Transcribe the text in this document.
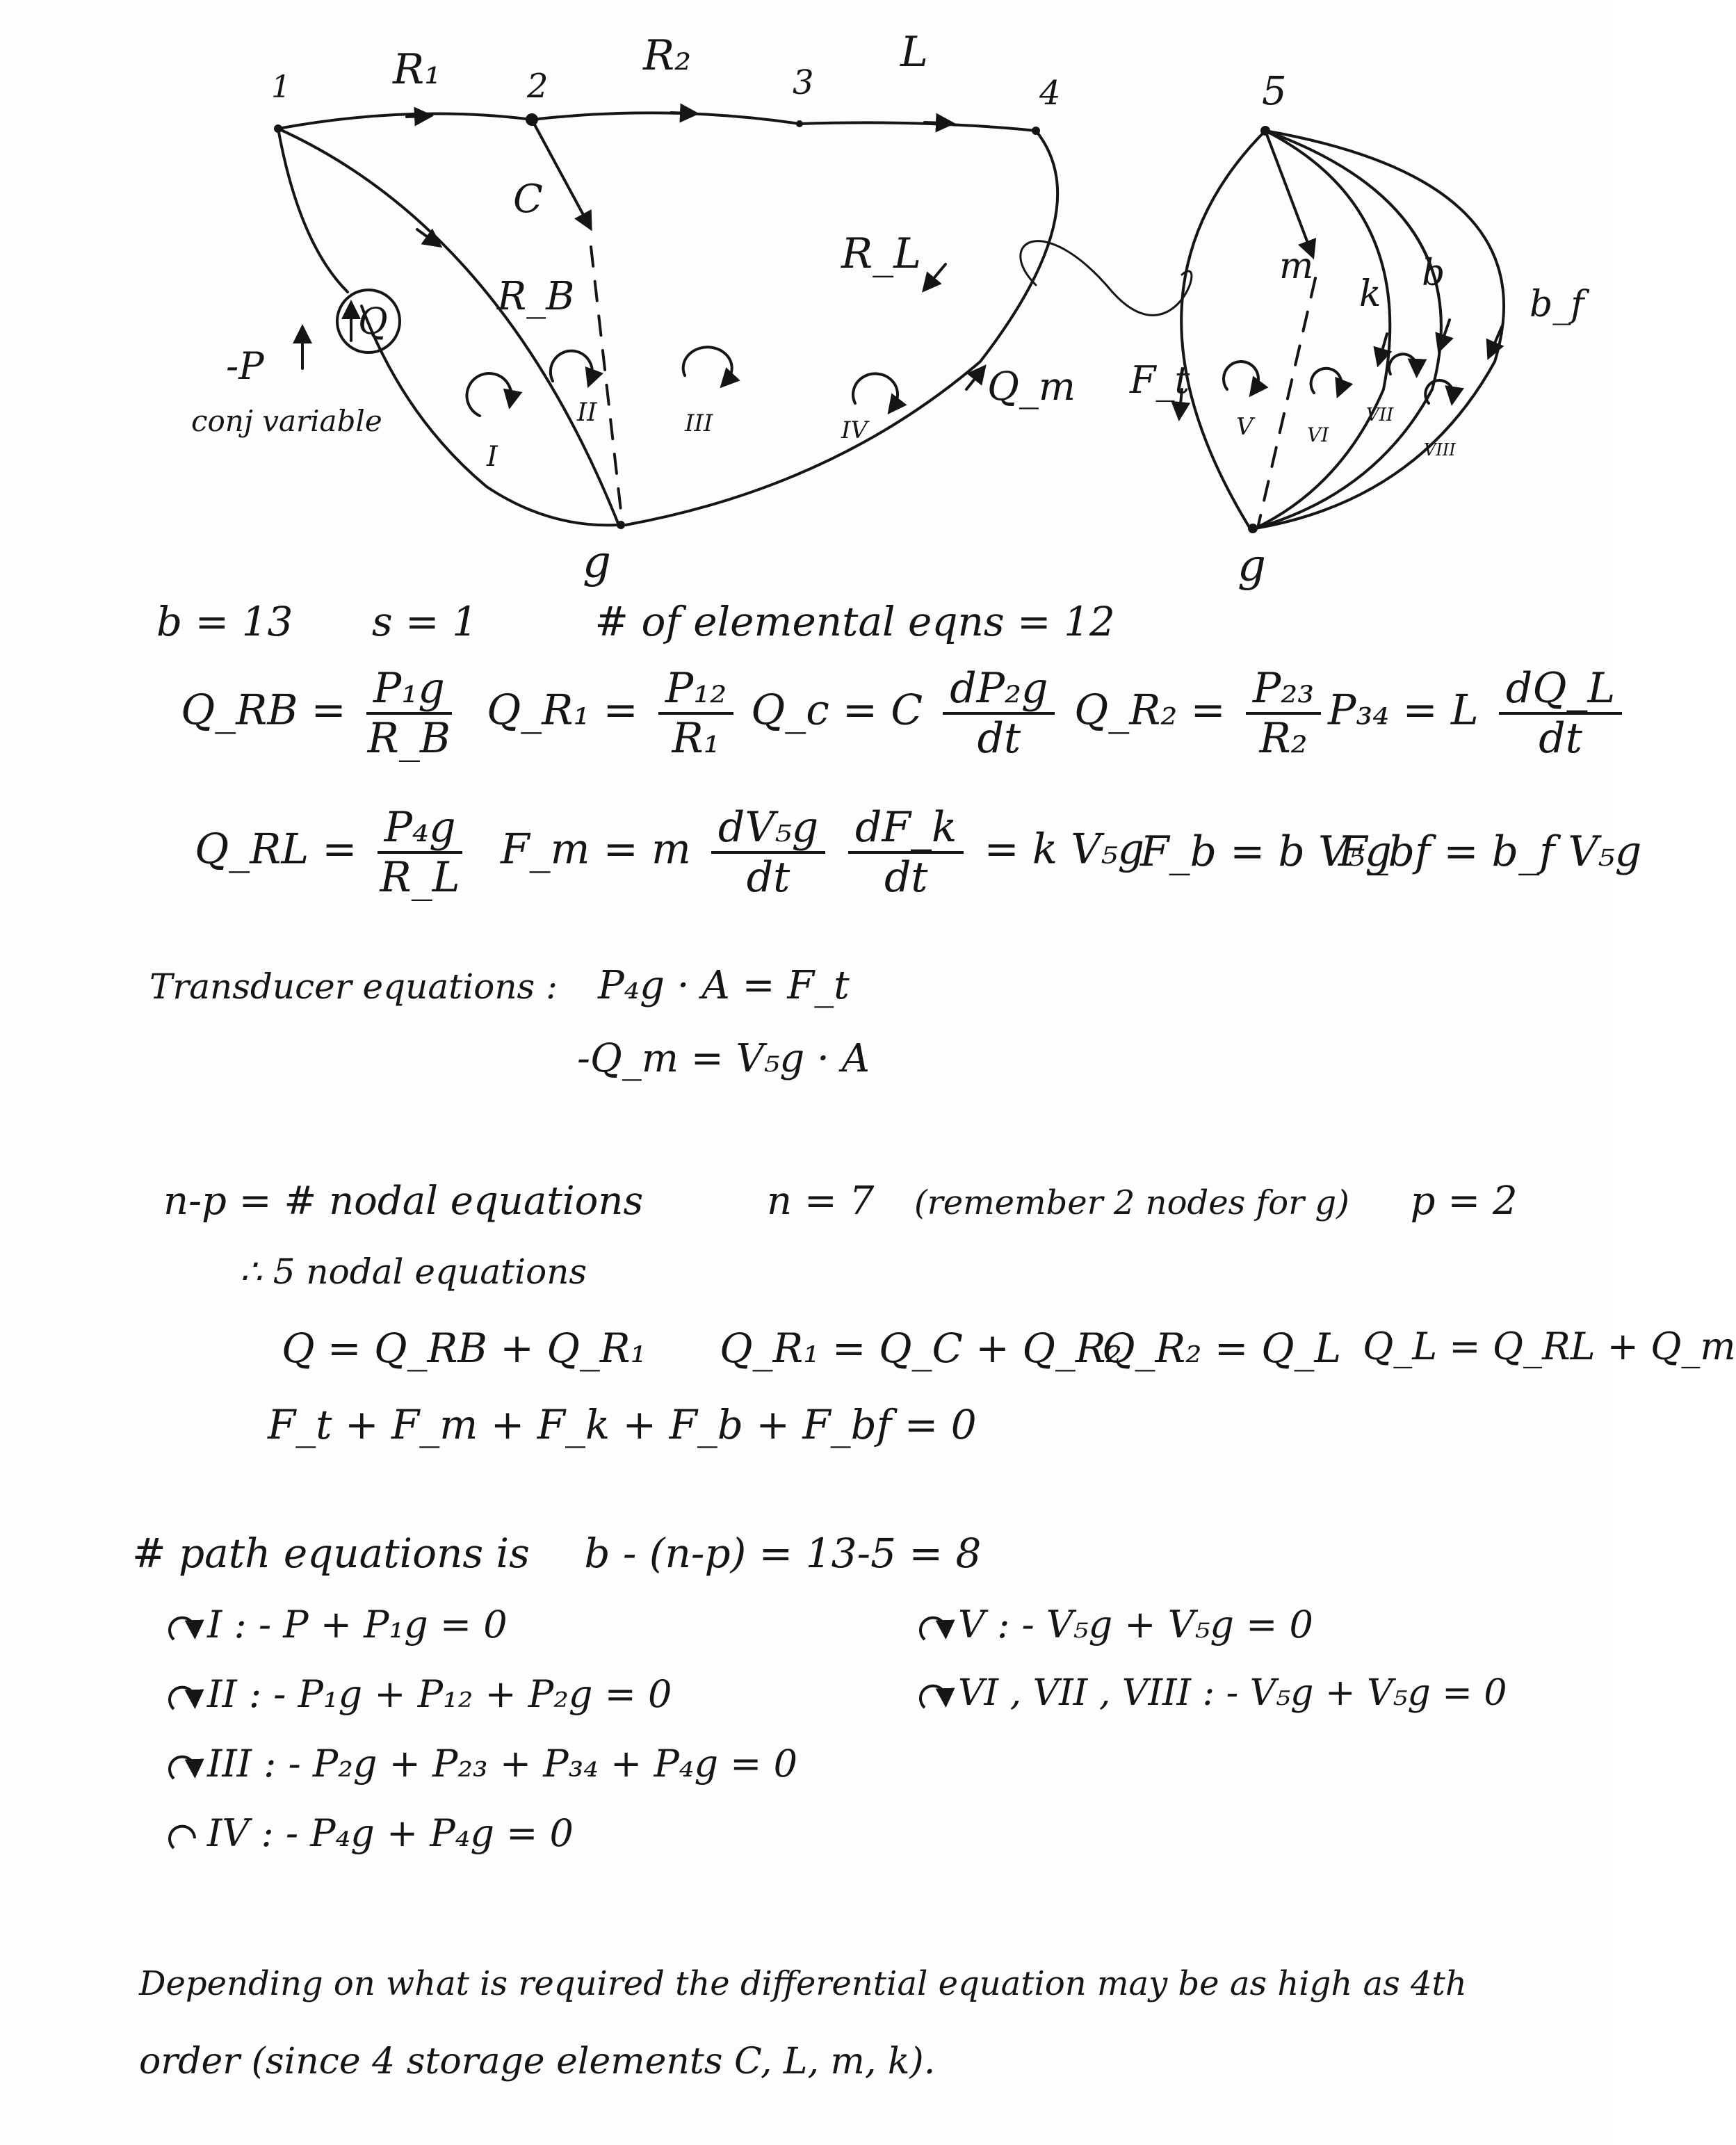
1	2	3	4
g
5
g
R₁	R₂	L
C
R_B
R_L
Q_m
Q
-P
conj variable
F_t
m
k b
b_f
I
II	III	IV	V	VI
VII
VIII
b = 13 s = 1	# of elemental eqns = 12
Q_RB = $\frac{\text{P₁g}}{R\_B}$ Q_R₁ = $\frac{\text{P₁₂}}{\text{R₁}}$ Q_c = C $\frac{\text{dP₂g}}{dt}$ Q_R₂ = $\frac{\text{P₂₃}}{\text{R₂}} P_{34} = L \frac{dQ\_L}{dt}$
Q_RL = $\frac{\text{P₄g}}{R\_L}$ F_m = m $\frac{\text{dV₅g}}{dt} \frac{dF\_k}{dt} = k$ V₅g
F_b = b V₅g
F_bf = b_f V₅g
Transducer equations : P₄g · A = F_t
-Q_m = V₅g · A
n-p = # nodal equations	n = 7 (remember 2 nodes for g) p = 2
∴ 5 nodal equations
Q = Q_RB + Q_R₁ Q_R₁ = Q_C + Q_R₂
Q_R₂ = Q_L Q_L = Q_RL + Q_m
F_t + F_m + F_k + F_b + F_bf = 0
# path equations is b - (n-p) = 13-5 = 8
I : - P + P₁g = 0
II : - P₁g + P₁₂ + P₂g = 0
III : - P₂g + P₂₃ + P₃₄ + P₄g = 0
IV : - P₄g + P₄g = 0
V : - V₅g + V₅g = 0
VI , VII , VIII : - V₅g + V₅g = 0
Depending on what is required the differential equation may be as high as 4th
order (since 4 storage elements C, L, m, k).
